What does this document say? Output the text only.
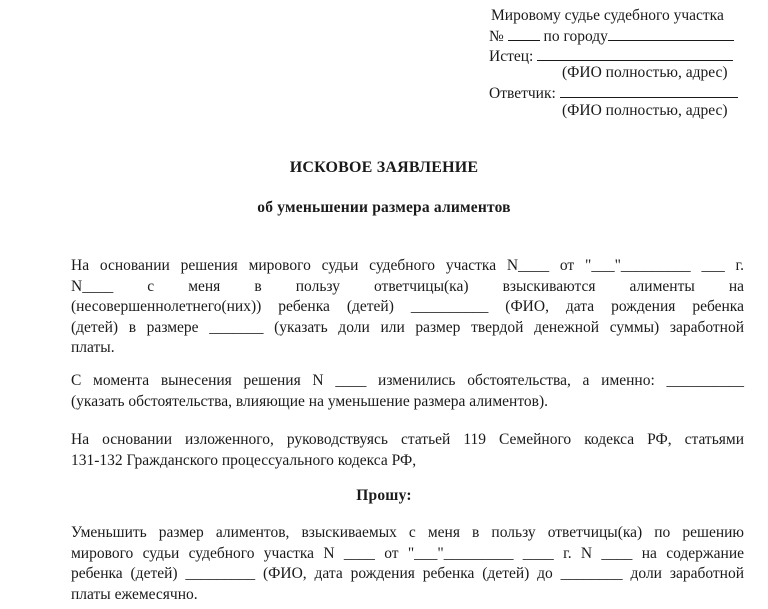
Мировому судье судебного участка
№	по городу
Истец:
(ФИО полностью, адрес)
Ответчик:
(ФИО полностью, адрес)
ИСКОВОЕ ЗАЯВЛЕНИЕ
об уменьшении размера алиментов
На основании решения мирового судьи судебного участка N____ от "___"_________ ___ г.
N____ с меня в пользу ответчицы(ка) взыскиваются алименты на
(несовершеннолетнего(них)) ребенка (детей) __________ (ФИО, дата рождения ребенка
(детей) в размере _______ (указать доли или размер твердой денежной суммы) заработной
платы.
С момента вынесения решения N ____ изменились обстоятельства, а именно: __________
(указать обстоятельства, влияющие на уменьшение размера алиментов).
На основании изложенного, руководствуясь статьей 119 Семейного кодекса РФ, статьями
131-132 Гражданского процессуального кодекса РФ,
Прошу:
Уменьшить размер алиментов, взыскиваемых с меня в пользу ответчицы(ка) по решению
мирового судьи судебного участка N ____ от "___"_________ ____ г. N ____ на содержание
ребенка (детей) _________ (ФИО, дата рождения ребенка (детей) до ________ доли заработной
платы ежемесячно.
